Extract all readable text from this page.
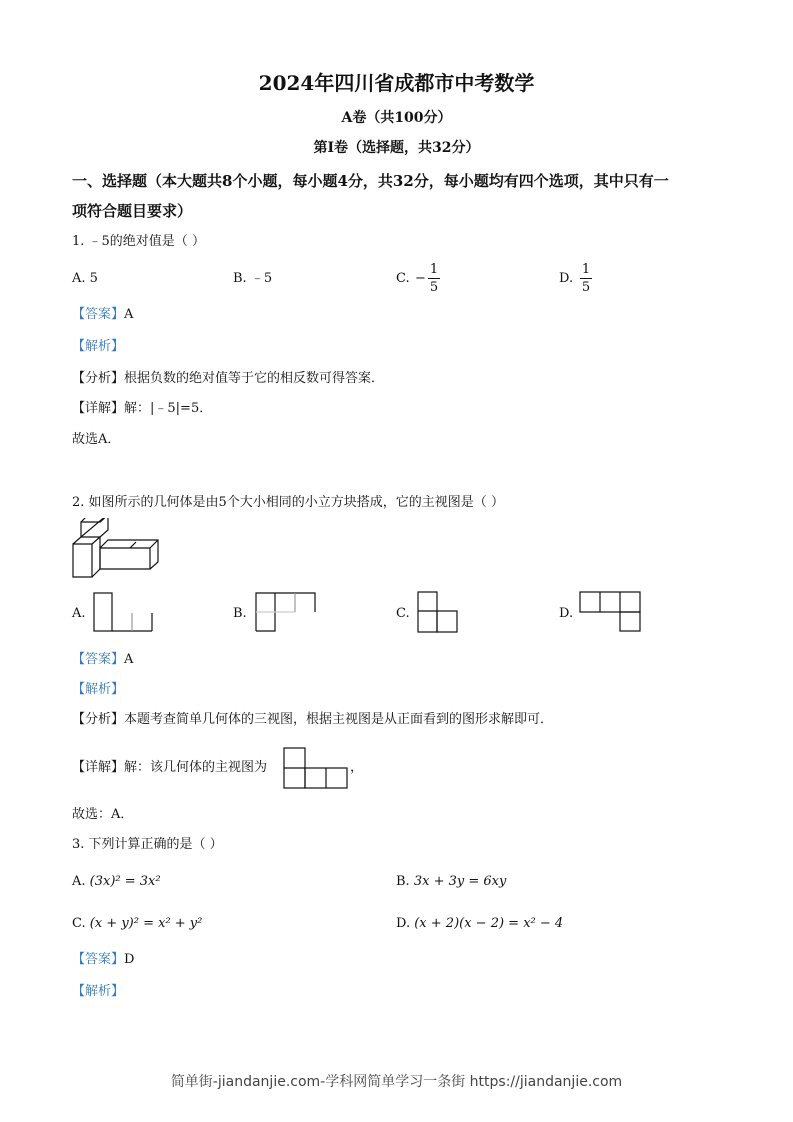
2024年四川省成都市中考数学
A卷（共100分）
第I卷（选择题，共32分）
一、选择题（本大题共8个小题，每小题4分，共32分，每小题均有四个选项，其中只有一
项符合题目要求）
1. ﹣5的绝对值是（ ）
A. 5	B. ﹣5	C. −
1
5
D.
1
5
【答案】A
【解析】
【分析】根据负数的绝对值等于它的相反数可得答案．
【详解】解：|﹣5|=5．
故选A．
2. 如图所示的几何体是由5个大小相同的小立方块搭成，它的主视图是（ ）
A.	B.	C.	D.
【答案】A
【解析】
【分析】本题考查简单几何体的三视图，根据主视图是从正面看到的图形求解即可．
【详解】解：该几何体的主视图为	，
故选：A．
3. 下列计算正确的是（ ）
A. (3x)² = 3x²	B. 3x + 3y = 6xy
C. (x + y)² = x² + y²	D. (x + 2)(x − 2) = x² − 4
【答案】D
【解析】
简单街-jiandanjie.com-学科网简单学习一条街 https://jiandanjie.com
